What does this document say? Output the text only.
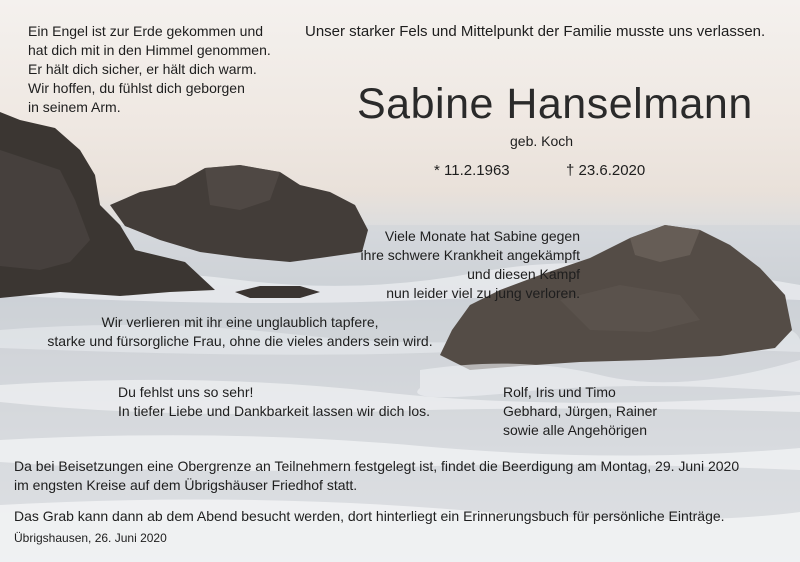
Ein Engel ist zur Erde gekommen und
hat dich mit in den Himmel genommen.
Er hält dich sicher, er hält dich warm.
Wir hoffen, du fühlst dich geborgen
in seinem Arm.
Unser starker Fels und Mittelpunkt der Familie musste uns verlassen.
Sabine Hanselmann
geb. Koch
* 11.2.1963	† 23.6.2020
Viele Monate hat Sabine gegen
ihre schwere Krankheit angekämpft
und diesen Kampf
nun leider viel zu jung verloren.
Wir verlieren mit ihr eine unglaublich tapfere,
starke und fürsorgliche Frau, ohne die vieles anders sein wird.
Du fehlst uns so sehr!
In tiefer Liebe und Dankbarkeit lassen wir dich los.
Rolf, Iris und Timo
Gebhard, Jürgen, Rainer
sowie alle Angehörigen
Da bei Beisetzungen eine Obergrenze an Teilnehmern festgelegt ist, findet die Beerdigung am Montag, 29. Juni 2020
im engsten Kreise auf dem Übrigshäuser Friedhof statt.
Das Grab kann dann ab dem Abend besucht werden, dort hinterliegt ein Erinnerungsbuch für persönliche Einträge.
Übrigshausen, 26. Juni 2020
